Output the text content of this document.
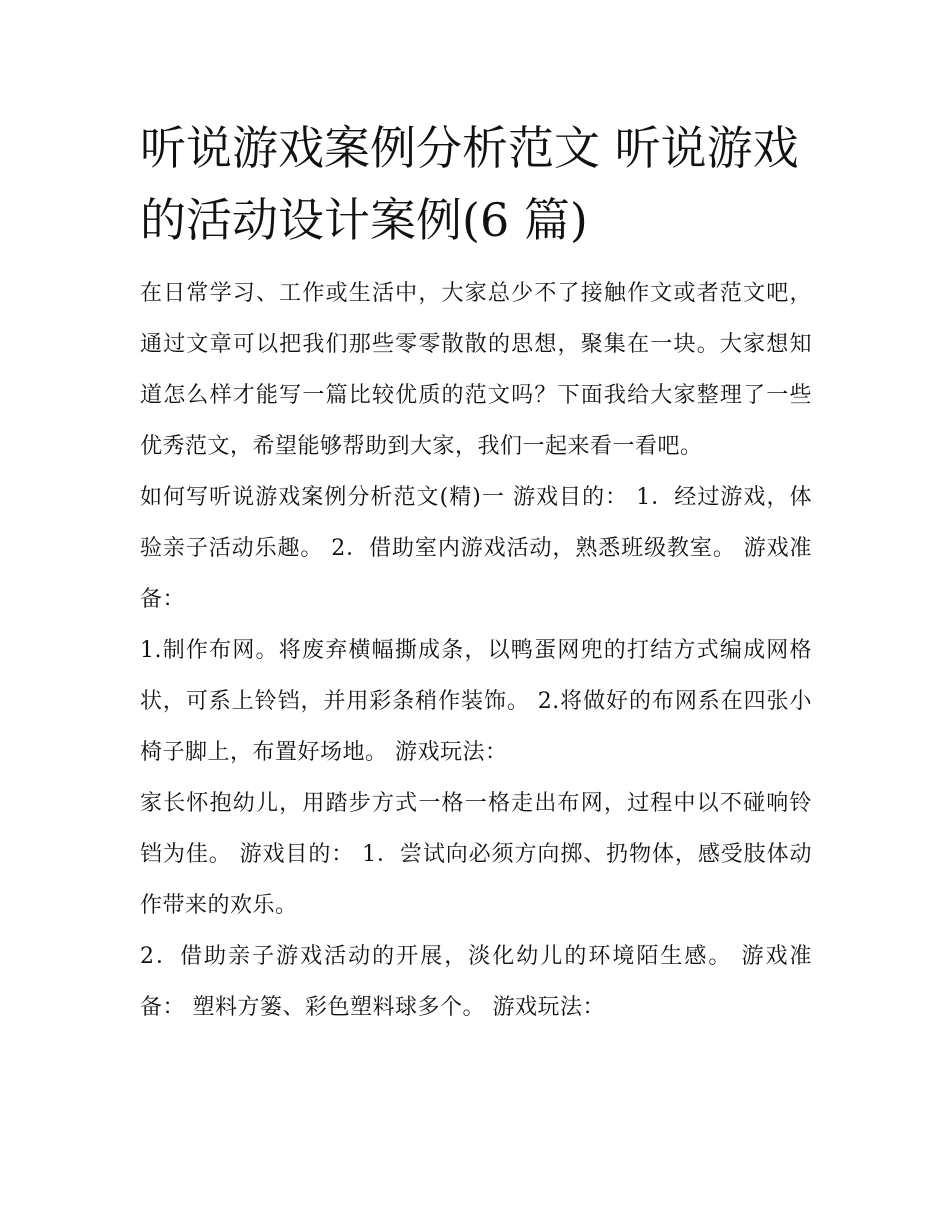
听说游戏案例分析范文 听说游戏的活动设计案例(6 篇)

在日常学习、工作或生活中，大家总少不了接触作文或者范文吧，通过文章可以把我们那些零零散散的思想，聚集在一块。大家想知道怎么样才能写一篇比较优质的范文吗？下面我给大家整理了一些优秀范文，希望能够帮助到大家，我们一起来看一看吧。

如何写听说游戏案例分析范文(精)一 游戏目的： 1．经过游戏，体验亲子活动乐趣。 2．借助室内游戏活动，熟悉班级教室。 游戏准备：

1.制作布网。将废弃横幅撕成条，以鸭蛋网兜的打结方式编成网格状，可系上铃铛，并用彩条稍作装饰。 2.将做好的布网系在四张小椅子脚上，布置好场地。 游戏玩法：

家长怀抱幼儿，用踏步方式一格一格走出布网，过程中以不碰响铃铛为佳。 游戏目的： 1．尝试向必须方向掷、扔物体，感受肢体动作带来的欢乐。

2．借助亲子游戏活动的开展，淡化幼儿的环境陌生感。 游戏准备： 塑料方篓、彩色塑料球多个。 游戏玩法：
